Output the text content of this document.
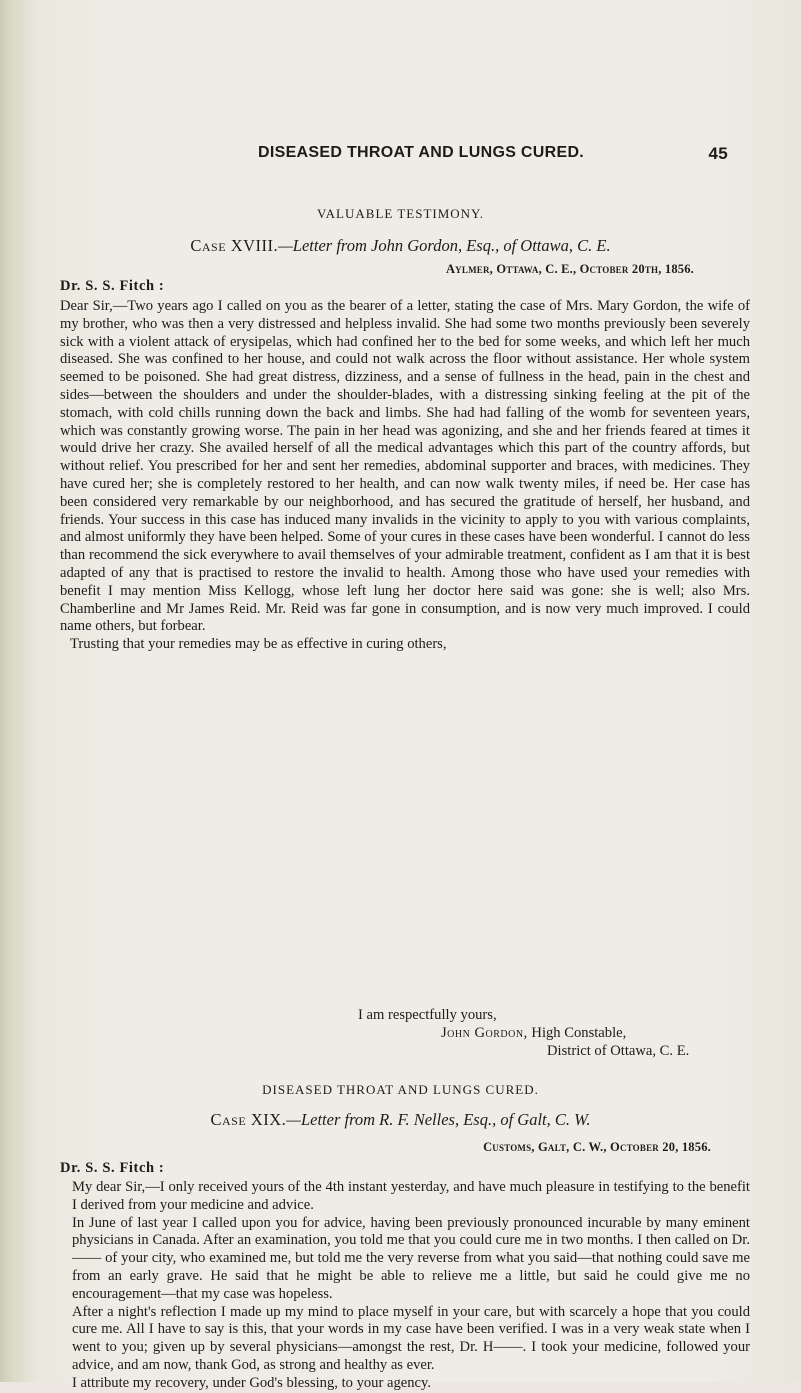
DISEASED THROAT AND LUNGS CURED.	45
VALUABLE TESTIMONY.
Case XVIII.—Letter from John Gordon, Esq., of Ottawa, C. E.
Aylmer, Ottawa, C. E., October 20th, 1856.
Dr. S. S. Fitch :

Dear Sir,—Two years ago I called on you as the bearer of a letter, stating the case of Mrs. Mary Gordon, the wife of my brother, who was then a very distressed and helpless invalid. She had some two months previously been severely sick with a violent attack of erysipelas, which had confined her to the bed for some weeks, and which left her much diseased. She was confined to her house, and could not walk across the floor without assistance. Her whole system seemed to be poisoned. She had great distress, dizziness, and a sense of fullness in the head, pain in the chest and sides—between the shoulders and under the shoulder-blades, with a distressing sinking feeling at the pit of the stomach, with cold chills running down the back and limbs. She had had falling of the womb for seventeen years, which was constantly growing worse. The pain in her head was agonizing, and she and her friends feared at times it would drive her crazy. She availed herself of all the medical advantages which this part of the country affords, but without relief. You prescribed for her and sent her remedies, abdominal supporter and braces, with medicines. They have cured her; she is completely restored to her health, and can now walk twenty miles, if need be. Her case has been considered very remarkable by our neighborhood, and has secured the gratitude of herself, her husband, and friends. Your success in this case has induced many invalids in the vicinity to apply to you with various complaints, and almost uniformly they have been helped. Some of your cures in these cases have been wonderful. I cannot do less than recommend the sick everywhere to avail themselves of your admirable treatment, confident as I am that it is best adapted of any that is practised to restore the invalid to health. Among those who have used your remedies with benefit I may mention Miss Kellogg, whose left lung her doctor here said was gone: she is well; also Mrs. Chamberline and Mr James Reid. Mr. Reid was far gone in consumption, and is now very much improved. I could name others, but forbear.

Trusting that your remedies may be as effective in curing others,

I am respectfully yours,
John Gordon, High Constable,
District of Ottawa, C. E.
DISEASED THROAT AND LUNGS CURED.
Case XIX.—Letter from R. F. Nelles, Esq., of Galt, C. W.
Customs, Galt, C. W., October 20, 1856.
Dr. S. S. Fitch :

My dear Sir,—I only received yours of the 4th instant yesterday, and have much pleasure in testifying to the benefit I derived from your medicine and advice.

In June of last year I called upon you for advice, having been previously pronounced incurable by many eminent physicians in Canada. After an examination, you told me that you could cure me in two months. I then called on Dr. —— of your city, who examined me, but told me the very reverse from what you said—that nothing could save me from an early grave. He said that he might be able to relieve me a little, but said he could give me no encouragement—that my case was hopeless.

After a night's reflection I made up my mind to place myself in your care, but with scarcely a hope that you could cure me. All I have to say is this, that your words in my case have been verified. I was in a very weak state when I went to you; given up by several physicians—amongst the rest, Dr. H——. I took your medicine, followed your advice, and am now, thank God, as strong and healthy as ever.

I attribute my recovery, under God's blessing, to your agency.
